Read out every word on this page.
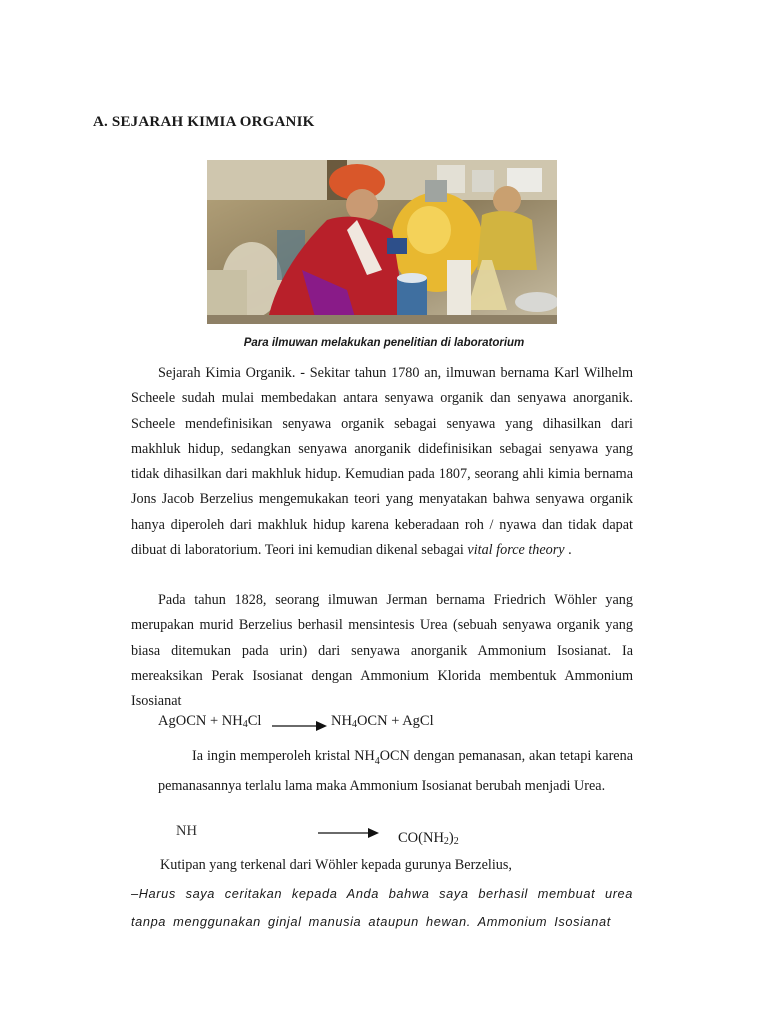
A. SEJARAH KIMIA ORGANIK
Para ilmuwan melakukan penelitian di laboratorium
Sejarah Kimia Organik. - Sekitar tahun 1780 an, ilmuwan bernama Karl Wilhelm Scheele sudah mulai membedakan antara senyawa organik dan senyawa anorganik. Scheele mendefinisikan senyawa organik sebagai senyawa yang dihasilkan dari makhluk hidup, sedangkan senyawa anorganik didefinisikan sebagai senyawa yang tidak dihasilkan dari makhluk hidup. Kemudian pada 1807, seorang ahli kimia bernama Jons Jacob Berzelius mengemukakan teori yang menyatakan bahwa senyawa organik hanya diperoleh dari makhluk hidup karena keberadaan roh / nyawa dan tidak dapat dibuat di laboratorium. Teori ini kemudian dikenal sebagai vital force theory .
Pada tahun 1828, seorang ilmuwan Jerman bernama Friedrich Wöhler yang merupakan murid Berzelius berhasil mensintesis Urea (sebuah senyawa organik yang biasa ditemukan pada urin) dari senyawa anorganik Ammonium Isosianat. Ia mereaksikan Perak Isosianat dengan Ammonium Klorida membentuk Ammonium Isosianat
AgOCN + $NH_4Cl \to NH_4OCN$ + AgCl
Ia ingin memperoleh kristal $NH_4OCN$ dengan pemanasan, akan tetapi karena pemanasannya terlalu lama maka Ammonium Isosianat berubah menjadi Urea.
NH	→ $CO(NH_2)_2$
Kutipan yang terkenal dari Wöhler kepada gurunya Berzelius,
–Harus saya ceritakan kepada Anda bahwa saya berhasil membuat urea tanpa menggunakan ginjal manusia ataupun hewan. Ammonium Isosianat
